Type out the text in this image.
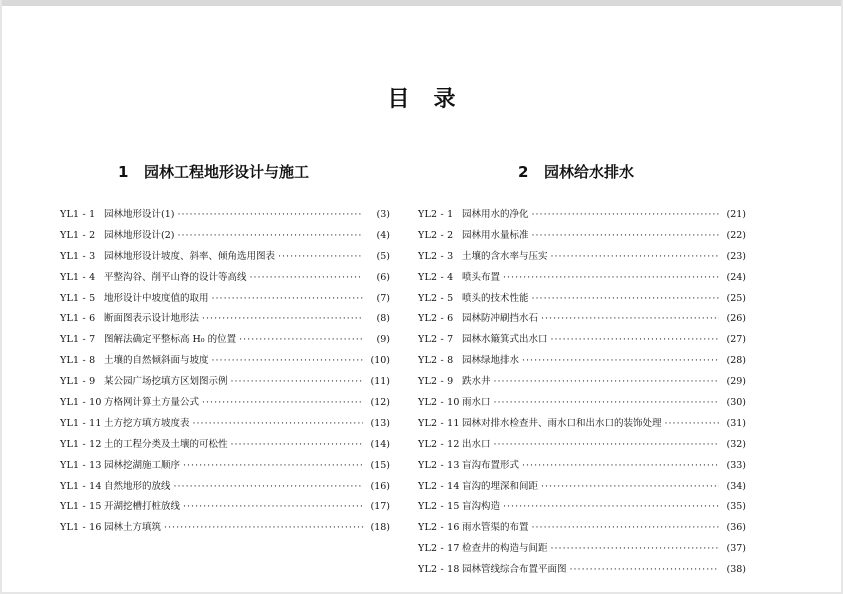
目录
1 园林工程地形设计与施工
YL1 - 1 园林地形设计(1) ·····	(3)
YL1 - 2 园林地形设计(2) ·····	(4)
YL1 - 3 园林地形设计坡度、斜率、倾角选用图表 ·····	(5)
YL1 - 4 平整沟谷、削平山脊的设计等高线 ·····	(6)
YL1 - 5 地形设计中坡度值的取用 ·····	(7)
YL1 - 6 断面图表示设计地形法 ·····	(8)
YL1 - 7 图解法确定平整标高 H₀ 的位置 ·····	(9)
YL1 - 8 土壤的自然倾斜面与坡度 ·····	(10)
YL1 - 9 某公园广场挖填方区划图示例 ·····	(11)
YL1 - 10 方格网计算土方量公式 ·····	(12)
YL1 - 11 土方挖方填方坡度表 ·····	(13)
YL1 - 12 土的工程分类及土壤的可松性 ·····	(14)
YL1 - 13 园林挖湖施工顺序 ·····	(15)
YL1 - 14 自然地形的放线 ·····	(16)
YL1 - 15 开湖挖槽打桩放线 ·····	(17)
YL1 - 16 园林土方填筑 ·····	(18)
2 园林给水排水
YL2 - 1 园林用水的净化 ·····	(21)
YL2 - 2 园林用水量标准 ·····	(22)
YL2 - 3 土壤的含水率与压实 ·····	(23)
YL2 - 4 喷头布置 ·····	(24)
YL2 - 5 喷头的技术性能 ·····	(25)
YL2 - 6 园林防冲刷挡水石 ·····	(26)
YL2 - 7 园林水簸箕式出水口 ·····	(27)
YL2 - 8 园林绿地排水 ·····	(28)
YL2 - 9 跌水井 ·····	(29)
YL2 - 10 雨水口 ·····	(30)
YL2 - 11 园林对排水检查井、雨水口和出水口的装饰处理 ·····	(31)
YL2 - 12 出水口 ·····	(32)
YL2 - 13 盲沟布置形式 ·····	(33)
YL2 - 14 盲沟的埋深和间距 ·····	(34)
YL2 - 15 盲沟构造 ·····	(35)
YL2 - 16 雨水管渠的布置 ·····	(36)
YL2 - 17 检查井的构造与间距 ·····	(37)
YL2 - 18 园林管线综合布置平面图 ·····	(38)
